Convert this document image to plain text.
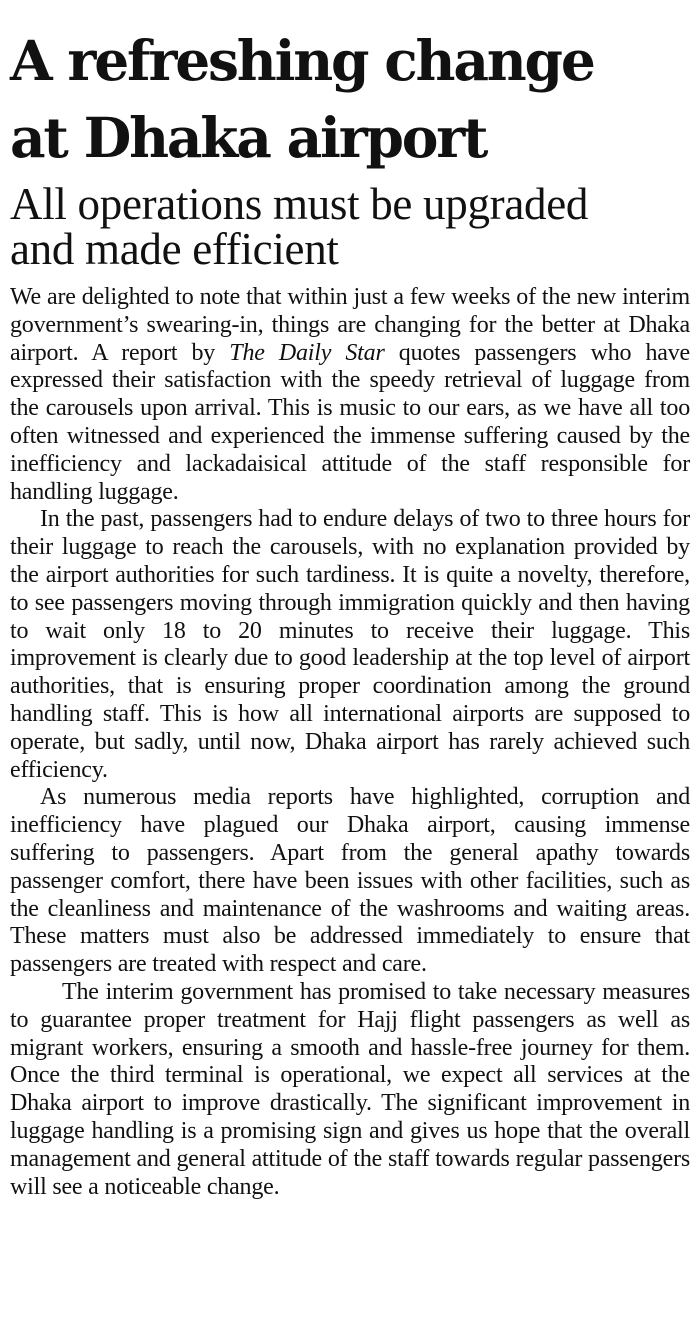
A refreshing change
at Dhaka airport
All operations must be upgraded
and made efficient

We are delighted to note that within just a few weeks of the new interim government’s swearing-in, things are changing for the better at Dhaka airport. A report by The Daily Star quotes passengers who have expressed their satisfaction with the speedy retrieval of luggage from the carousels upon arrival. This is music to our ears, as we have all too often witnessed and experienced the immense suffering caused by the inefficiency and lackadaisical attitude of the staff responsible for handling luggage.

In the past, passengers had to endure delays of two to three hours for their luggage to reach the carousels, with no explanation provided by the airport authorities for such tardiness. It is quite a novelty, therefore, to see passengers moving through immigration quickly and then having to wait only 18 to 20 minutes to receive their luggage. This improvement is clearly due to good leadership at the top level of airport authorities, that is ensuring proper coordination among the ground handling staff. This is how all international airports are supposed to operate, but sadly, until now, Dhaka airport has rarely achieved such efficiency.

As numerous media reports have highlighted, corruption and inefficiency have plagued our Dhaka airport, causing immense suffering to passengers. Apart from the general apathy towards passenger comfort, there have been issues with other facilities, such as the cleanliness and maintenance of the washrooms and waiting areas. These matters must also be addressed immediately to ensure that passengers are treated with respect and care.

The interim government has promised to take necessary measures to guarantee proper treatment for Hajj flight passengers as well as migrant workers, ensuring a smooth and hassle-free journey for them. Once the third terminal is operational, we expect all services at the Dhaka airport to improve drastically. The significant improvement in luggage handling is a promising sign and gives us hope that the overall management and general attitude of the staff towards regular passengers will see a noticeable change.
